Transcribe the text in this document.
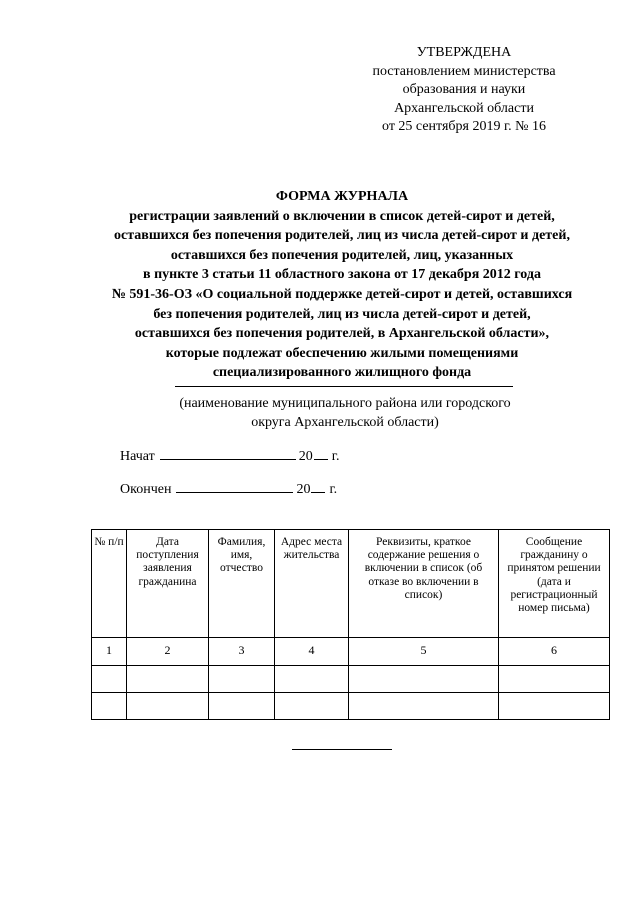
УТВЕРЖДЕНА
постановлением министерства
образования и науки
Архангельской области
от 25 сентября 2019 г. № 16
ФОРМА ЖУРНАЛА
регистрации заявлений о включении в список детей-сирот и детей,
оставшихся без попечения родителей, лиц из числа детей-сирот и детей,
оставшихся без попечения родителей, лиц, указанных
в пункте 3 статьи 11 областного закона от 17 декабря 2012 года
№ 591-36-ОЗ «О социальной поддержке детей-сирот и детей, оставшихся
без попечения родителей, лиц из числа детей-сирот и детей,
оставшихся без попечения родителей, в Архангельской области»,
которые подлежат обеспечению жилыми помещениями
специализированного жилищного фонда
(наименование муниципального района или городского
округа Архангельской области)
Начат	20 г.
Окончен	20 г.
№ п/п	Дата поступления заявления гражданина	Фамилия, имя, отчество	Адрес места жительства	Реквизиты, краткое содержание решения о включении в список (об отказе во включении в список)	Сообщение гражданину о принятом решении (дата и регистрационный номер письма)
1	2	3	4	5	6
